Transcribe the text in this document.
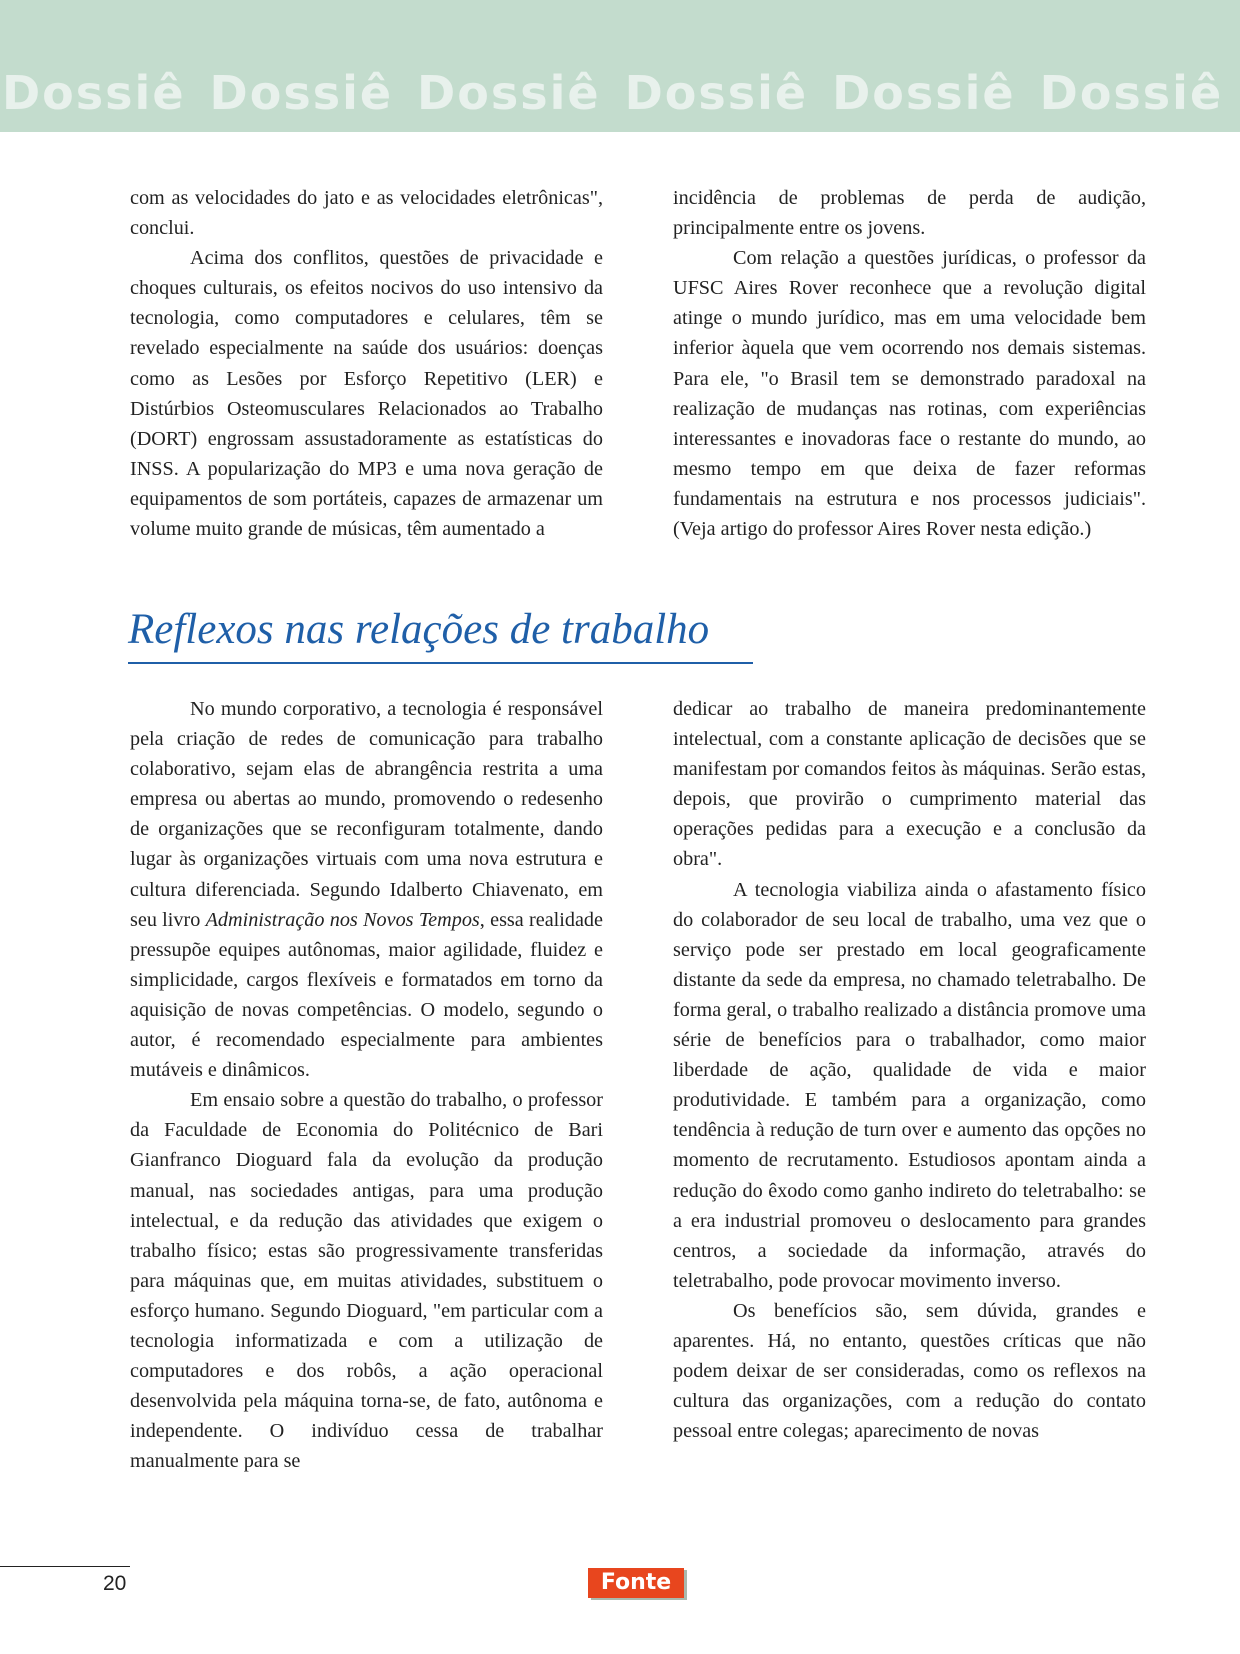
Dossiê Dossiê Dossiê Dossiê Dossiê Dossiê

com as velocidades do jato e as velocidades eletrônicas", conclui.

Acima dos conflitos, questões de privacidade e choques culturais, os efeitos nocivos do uso intensivo da tecnologia, como computadores e celulares, têm se revelado especialmente na saúde dos usuários: doenças como as Lesões por Esforço Repetitivo (LER) e Distúrbios Osteomusculares Relacionados ao Trabalho (DORT) engrossam assustadoramente as estatísticas do INSS. A popularização do MP3 e uma nova geração de equipamentos de som portáteis, capazes de armazenar um volume muito grande de músicas, têm aumentado a

incidência de problemas de perda de audição, principalmente entre os jovens.

Com relação a questões jurídicas, o professor da UFSC Aires Rover reconhece que a revolução digital atinge o mundo jurídico, mas em uma velocidade bem inferior àquela que vem ocorrendo nos demais sistemas. Para ele, "o Brasil tem se demonstrado paradoxal na realização de mudanças nas rotinas, com experiências interessantes e inovadoras face o restante do mundo, ao mesmo tempo em que deixa de fazer reformas fundamentais na estrutura e nos processos judiciais". (Veja artigo do professor Aires Rover nesta edição.)

Reflexos nas relações de trabalho

No mundo corporativo, a tecnologia é responsável pela criação de redes de comunicação para trabalho colaborativo, sejam elas de abrangência restrita a uma empresa ou abertas ao mundo, promovendo o redesenho de organizações que se reconfiguram totalmente, dando lugar às organizações virtuais com uma nova estrutura e cultura diferenciada. Segundo Idalberto Chiavenato, em seu livro Administração nos Novos Tempos, essa realidade pressupõe equipes autônomas, maior agilidade, fluidez e simplicidade, cargos flexíveis e formatados em torno da aquisição de novas competências. O modelo, segundo o autor, é recomendado especialmente para ambientes mutáveis e dinâmicos.

Em ensaio sobre a questão do trabalho, o professor da Faculdade de Economia do Politécnico de Bari Gianfranco Dioguard fala da evolução da produção manual, nas sociedades antigas, para uma produção intelectual, e da redução das atividades que exigem o trabalho físico; estas são progressivamente transferidas para máquinas que, em muitas atividades, substituem o esforço humano. Segundo Dioguard, "em particular com a tecnologia informatizada e com a utilização de computadores e dos robôs, a ação operacional desenvolvida pela máquina torna-se, de fato, autônoma e independente. O indivíduo cessa de trabalhar manualmente para se

dedicar ao trabalho de maneira predominantemente intelectual, com a constante aplicação de decisões que se manifestam por comandos feitos às máquinas. Serão estas, depois, que provirão o cumprimento material das operações pedidas para a execução e a conclusão da obra".

A tecnologia viabiliza ainda o afastamento físico do colaborador de seu local de trabalho, uma vez que o serviço pode ser prestado em local geograficamente distante da sede da empresa, no chamado teletrabalho. De forma geral, o trabalho realizado a distância promove uma série de benefícios para o trabalhador, como maior liberdade de ação, qualidade de vida e maior produtividade. E também para a organização, como tendência à redução de turn over e aumento das opções no momento de recrutamento. Estudiosos apontam ainda a redução do êxodo como ganho indireto do teletrabalho: se a era industrial promoveu o deslocamento para grandes centros, a sociedade da informação, através do teletrabalho, pode provocar movimento inverso.

Os benefícios são, sem dúvida, grandes e aparentes. Há, no entanto, questões críticas que não podem deixar de ser consideradas, como os reflexos na cultura das organizações, com a redução do contato pessoal entre colegas; aparecimento de novas

20	Fonte
